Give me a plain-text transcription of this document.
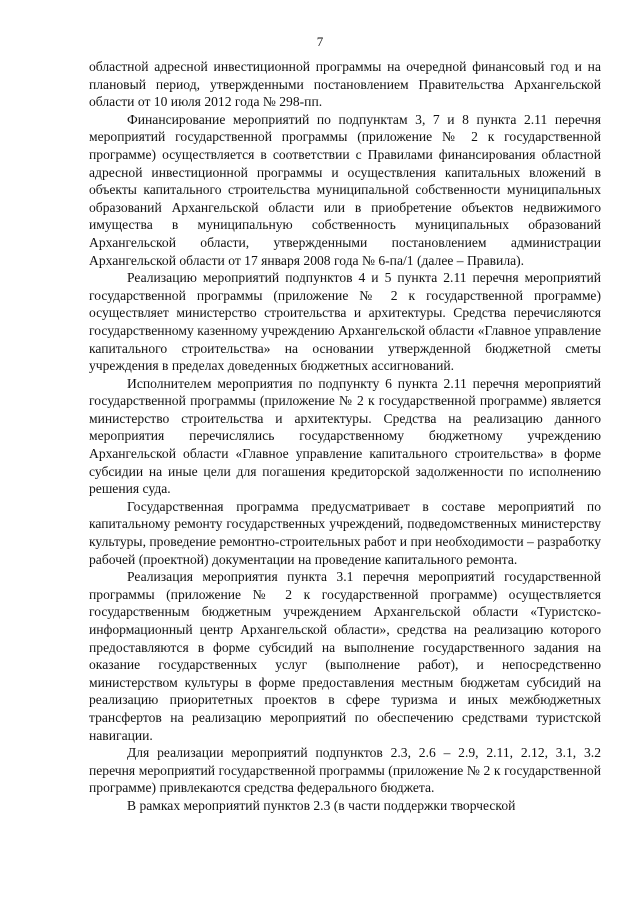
7

областной адресной инвестиционной программы на очередной финансовый год и на плановый период, утвержденными постановлением Правительства Архангельской области от 10 июля 2012 года № 298-пп.

Финансирование мероприятий по подпунктам 3, 7 и 8 пункта 2.11 перечня мероприятий государственной программы (приложение № 2 к государственной программе) осуществляется в соответствии с Правилами финансирования областной адресной инвестиционной программы и осуществления капитальных вложений в объекты капитального строительства муниципальной собственности муниципальных образований Архангельской области или в приобретение объектов недвижимого имущества в муниципальную собственность муниципальных образований Архангельской области, утвержденными постановлением администрации Архангельской области от 17 января 2008 года № 6-па/1 (далее – Правила).

Реализацию мероприятий подпунктов 4 и 5 пункта 2.11 перечня мероприятий государственной программы (приложение № 2 к государственной программе) осуществляет министерство строительства и архитектуры. Средства перечисляются государственному казенному учреждению Архангельской области «Главное управление капитального строительства» на основании утвержденной бюджетной сметы учреждения в пределах доведенных бюджетных ассигнований.

Исполнителем мероприятия по подпункту 6 пункта 2.11 перечня мероприятий государственной программы (приложение № 2 к государственной программе) является министерство строительства и архитектуры. Средства на реализацию данного мероприятия перечислялись государственному бюджетному учреждению Архангельской области «Главное управление капитального строительства» в форме субсидии на иные цели для погашения кредиторской задолженности по исполнению решения суда.

Государственная программа предусматривает в составе мероприятий по капитальному ремонту государственных учреждений, подведомственных министерству культуры, проведение ремонтно-строительных работ и при необходимости – разработку рабочей (проектной) документации на проведение капитального ремонта.

Реализация мероприятия пункта 3.1 перечня мероприятий государственной программы (приложение № 2 к государственной программе) осуществляется государственным бюджетным учреждением Архангельской области «Туристско-информационный центр Архангельской области», средства на реализацию которого предоставляются в форме субсидий на выполнение государственного задания на оказание государственных услуг (выполнение работ), и непосредственно министерством культуры в форме предоставления местным бюджетам субсидий на реализацию приоритетных проектов в сфере туризма и иных межбюджетных трансфертов на реализацию мероприятий по обеспечению средствами туристской навигации.

Для реализации мероприятий подпунктов 2.3, 2.6 – 2.9, 2.11, 2.12, 3.1, 3.2 перечня мероприятий государственной программы (приложение № 2 к государственной программе) привлекаются средства федерального бюджета.

В рамках мероприятий пунктов 2.3 (в части поддержки творческой
